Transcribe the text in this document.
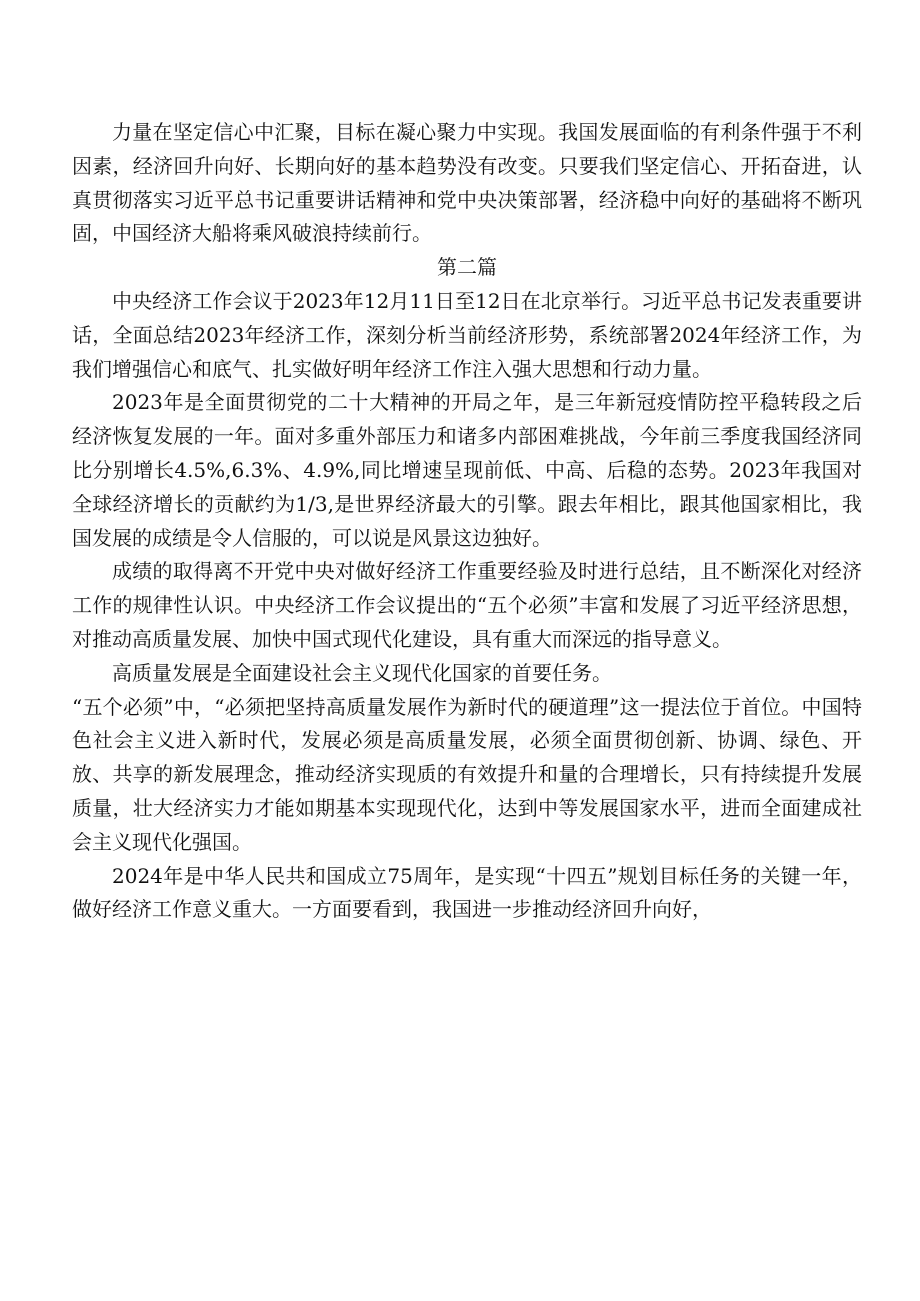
力量在坚定信心中汇聚，目标在凝心聚力中实现。我国发展面临的有利条件强于不利因素，经济回升向好、长期向好的基本趋势没有改变。只要我们坚定信心、开拓奋进，认真贯彻落实习近平总书记重要讲话精神和党中央决策部署，经济稳中向好的基础将不断巩固，中国经济大船将乘风破浪持续前行。

第二篇

中央经济工作会议于2023年12月11日至12日在北京举行。习近平总书记发表重要讲话，全面总结2023年经济工作，深刻分析当前经济形势，系统部署2024年经济工作，为我们增强信心和底气、扎实做好明年经济工作注入强大思想和行动力量。

2023年是全面贯彻党的二十大精神的开局之年，是三年新冠疫情防控平稳转段之后经济恢复发展的一年。面对多重外部压力和诸多内部困难挑战，今年前三季度我国经济同比分别增长4.5%,6.3%、4.9%,同比增速呈现前低、中高、后稳的态势。2023年我国对全球经济增长的贡献约为1/3,是世界经济最大的引擎。跟去年相比，跟其他国家相比，我国发展的成绩是令人信服的，可以说是风景这边独好。

成绩的取得离不开党中央对做好经济工作重要经验及时进行总结，且不断深化对经济工作的规律性认识。中央经济工作会议提出的“五个必须”丰富和发展了习近平经济思想，对推动高质量发展、加快中国式现代化建设，具有重大而深远的指导意义。

高质量发展是全面建设社会主义现代化国家的首要任务。

“五个必须”中，“必须把坚持高质量发展作为新时代的硬道理”这一提法位于首位。中国特色社会主义进入新时代，发展必须是高质量发展，必须全面贯彻创新、协调、绿色、开放、共享的新发展理念，推动经济实现质的有效提升和量的合理增长，只有持续提升发展质量，壮大经济实力才能如期基本实现现代化，达到中等发展国家水平，进而全面建成社会主义现代化强国。

2024年是中华人民共和国成立75周年，是实现“十四五”规划目标任务的关键一年，做好经济工作意义重大。一方面要看到，我国进一步推动经济回升向好，
